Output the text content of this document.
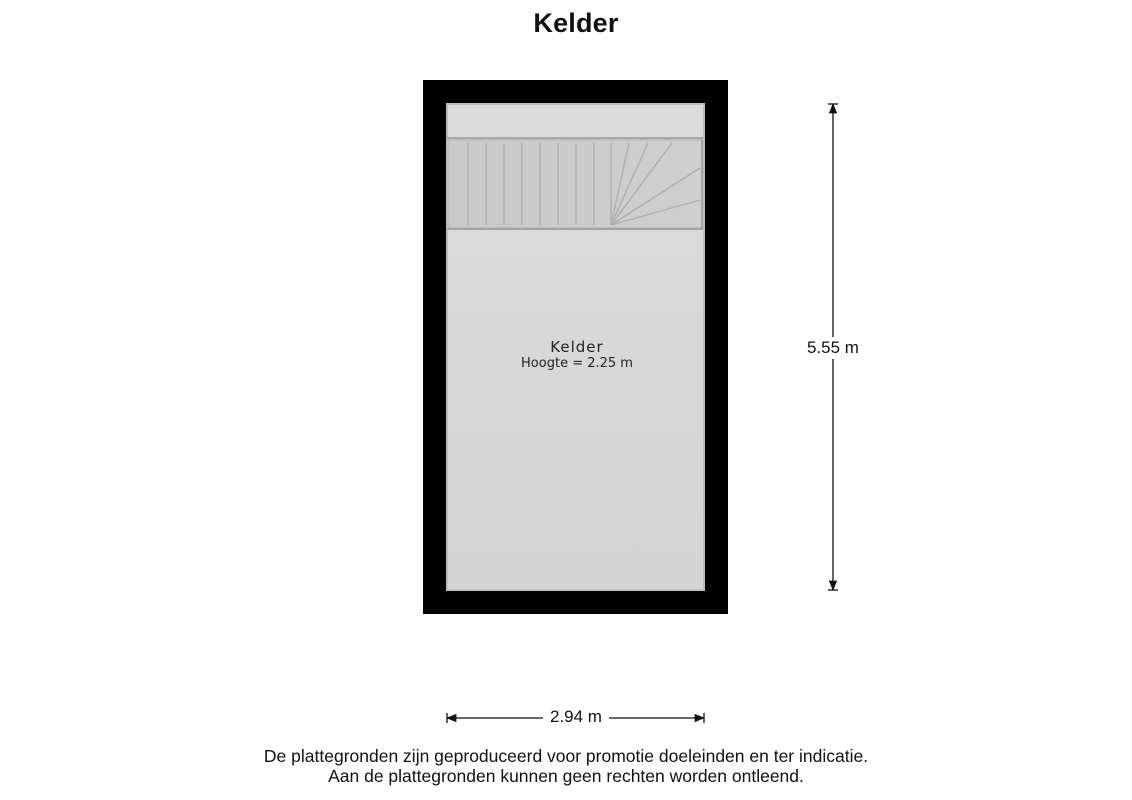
Kelder
Kelder
Hoogte = 2.25 m
5.55 m
2.94 m
De plattegronden zijn geproduceerd voor promotie doeleinden en ter indicatie.
Aan de plattegronden kunnen geen rechten worden ontleend.
